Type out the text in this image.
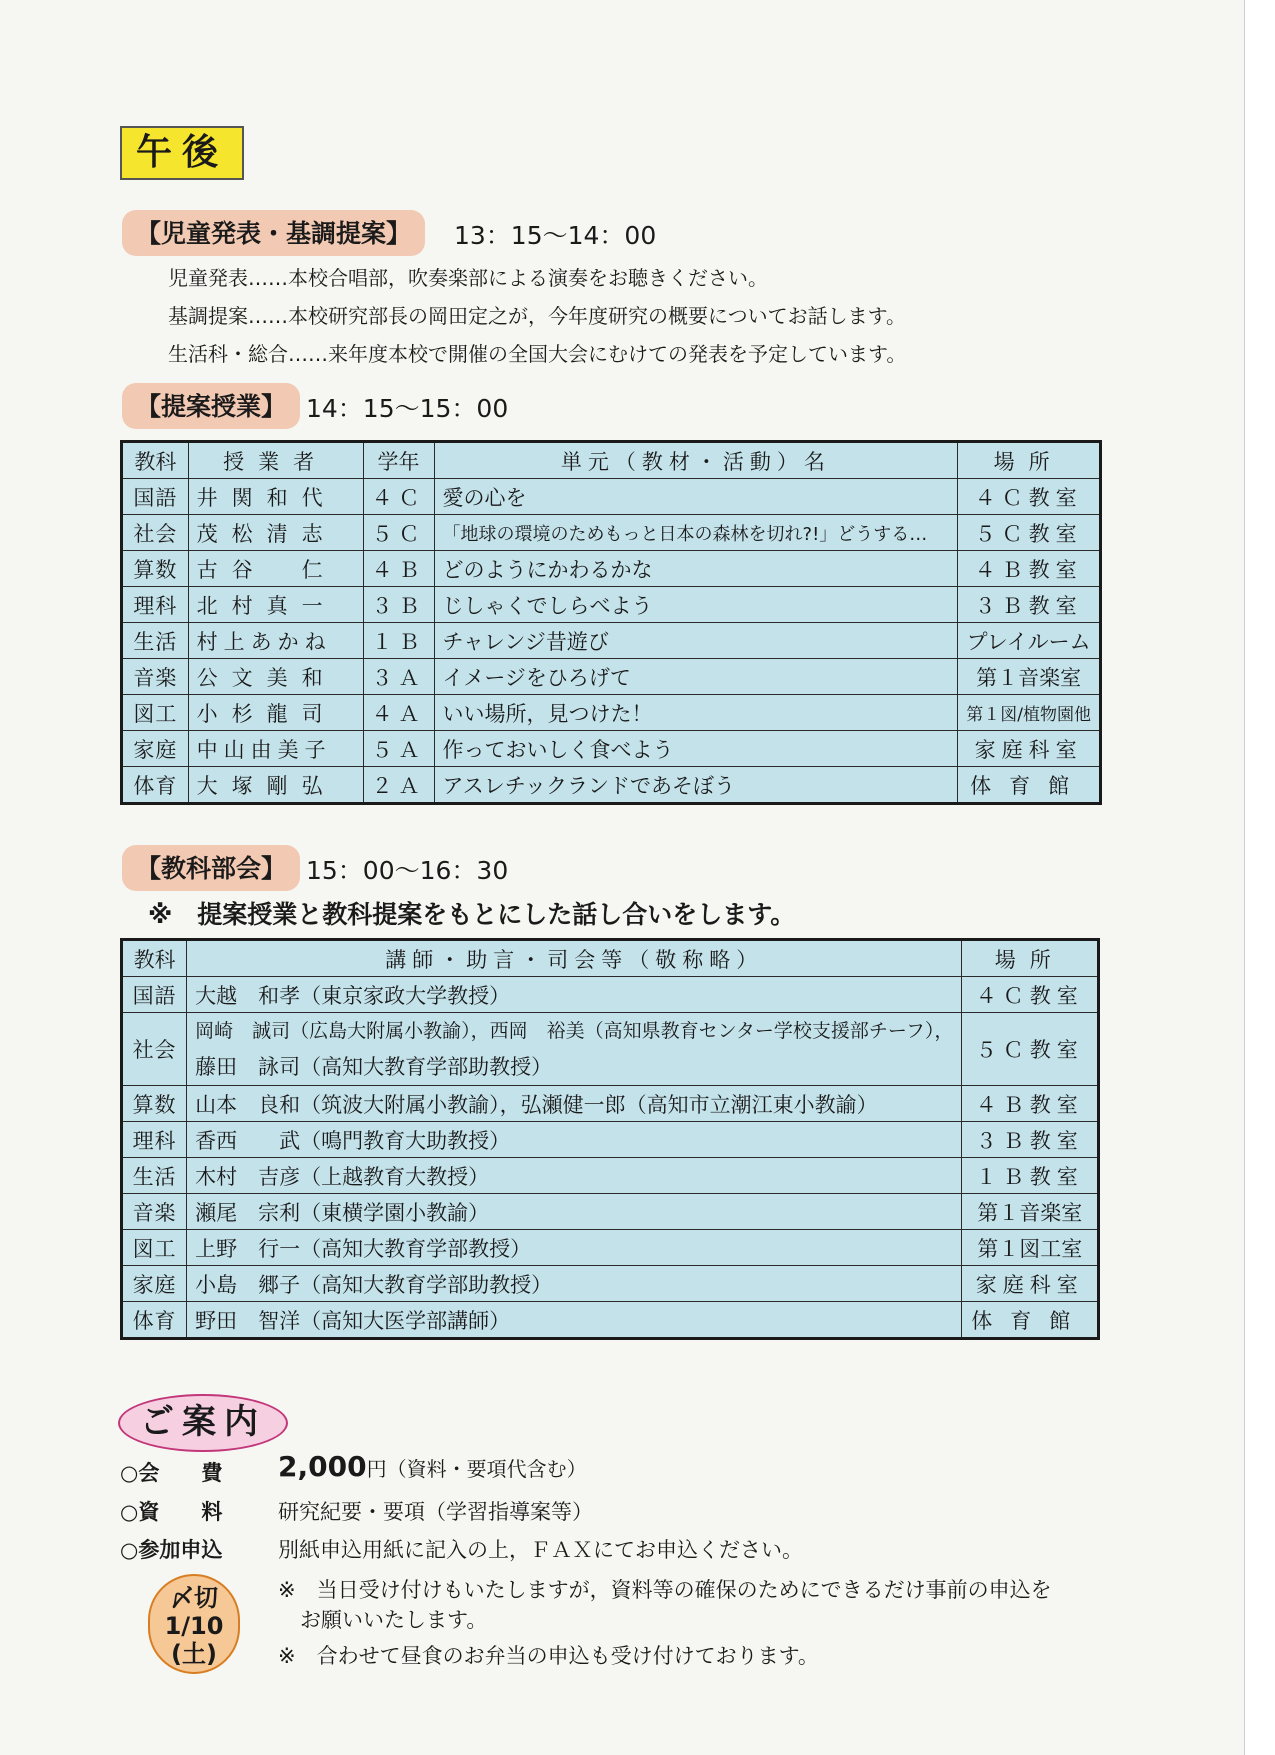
午後
【児童発表・基調提案】	13：15〜14：00
児童発表……本校合唱部，吹奏楽部による演奏をお聴きください。
基調提案……本校研究部長の岡田定之が，今年度研究の概要についてお話します。
生活科・総合……来年度本校で開催の全国大会にむけての発表を予定しています。
【提案授業】 14：15〜15：00
教科	授業者	学年	単元（教材・活動）名	場所
国語	井関和代	４Ｃ	愛の心を	４Ｃ教室
社会	茂松清志	５Ｃ	「地球の環境のためもっと日本の森林を切れ?!」どうする…	５Ｃ教室
算数	古谷　仁	４Ｂ	どのようにかわるかな	４Ｂ教室
理科	北村真一	３Ｂ	じしゃくでしらべよう	３Ｂ教室
生活	村上あかね	１Ｂ	チャレンジ昔遊び	プレイルーム
音楽	公文美和	３Ａ	イメージをひろげて	第１音楽室
図工	小杉龍司	４Ａ	いい場所，見つけた！	第１図/植物園他
家庭	中山由美子	５Ａ	作っておいしく食べよう	家庭科室
体育	大塚剛弘	２Ａ	アスレチックランドであそぼう	体育館
【教科部会】 15：00〜16：30
※　提案授業と教科提案をもとにした話し合いをします。
教科	講師・助言・司会等（敬称略）	場所
国語	大越　和孝（東京家政大学教授）	４Ｃ教室
社会	岡崎　誠司（広島大附属小教諭），西岡　裕美（高知県教育センター学校支援部チーフ），
藤田　詠司（高知大教育学部助教授）	５Ｃ教室
算数	山本　良和（筑波大附属小教諭），弘瀬健一郎（高知市立潮江東小教諭）	４Ｂ教室
理科	香西　　武（鳴門教育大助教授）	３Ｂ教室
生活	木村　吉彦（上越教育大教授）	１Ｂ教室
音楽	瀬尾　宗利（東横学園小教諭）	第１音楽室
図工	上野　行一（高知大教育学部教授）	第１図工室
家庭	小島　郷子（高知大教育学部助教授）	家庭科室
体育	野田　智洋（高知大医学部講師）	体育館
ご案内
○会　　費 2,000円（資料・要項代含む）
○資　　料	研究紀要・要項（学習指導案等）
○参加申込	別紙申込用紙に記入の上，ＦＡＸにてお申込ください。
※　当日受け付けもいたしますが，資料等の確保のためにできるだけ事前の申込を
お願いいたします。
※　合わせて昼食のお弁当の申込も受け付けております。
〆切
1/10
(土)
